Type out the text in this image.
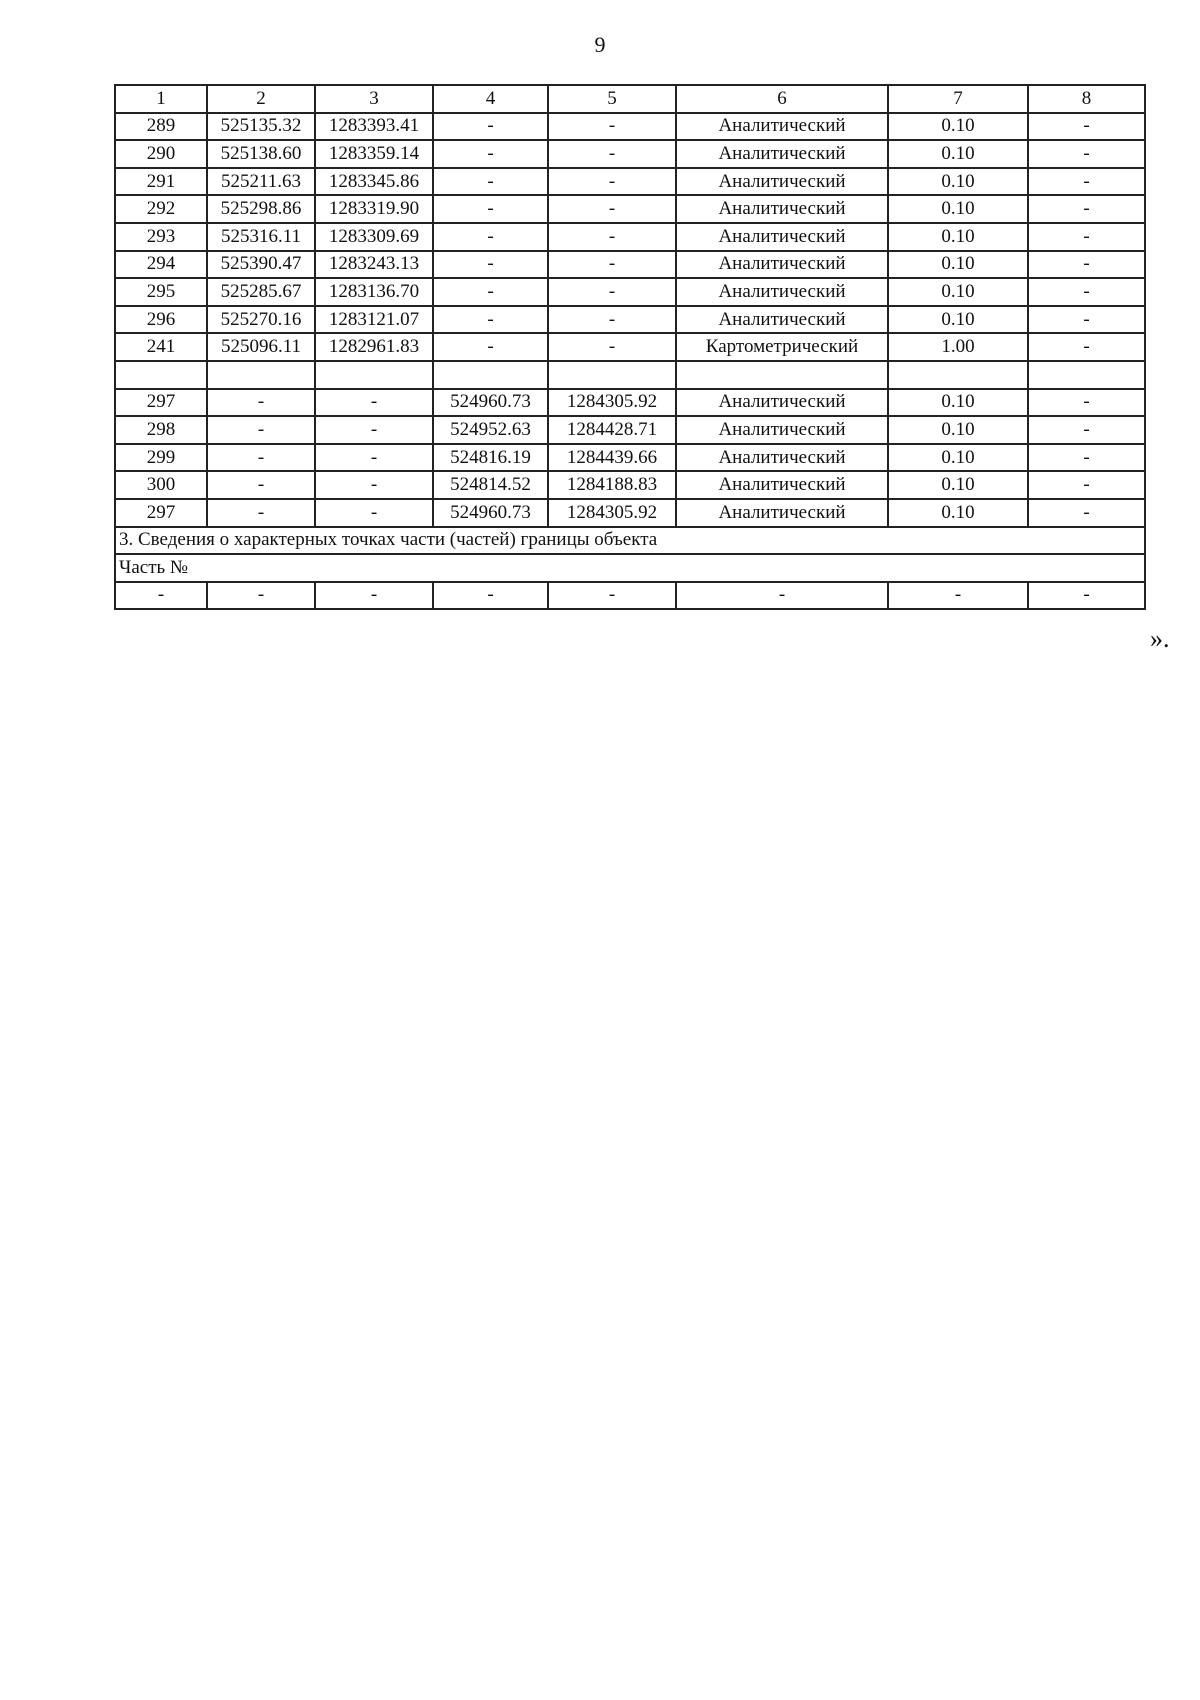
9
1	2	3	4	5	6	7	8
289	525135.32	1283393.41	-	-	Аналитический	0.10	-
290	525138.60	1283359.14	-	-	Аналитический	0.10	-
291	525211.63	1283345.86	-	-	Аналитический	0.10	-
292	525298.86	1283319.90	-	-	Аналитический	0.10	-
293	525316.11	1283309.69	-	-	Аналитический	0.10	-
294	525390.47	1283243.13	-	-	Аналитический	0.10	-
295	525285.67	1283136.70	-	-	Аналитический	0.10	-
296	525270.16	1283121.07	-	-	Аналитический	0.10	-
241	525096.11	1282961.83	-	-	Картометрический	1.00	-

297	-	-	524960.73	1284305.92	Аналитический	0.10	-
298	-	-	524952.63	1284428.71	Аналитический	0.10	-
299	-	-	524816.19	1284439.66	Аналитический	0.10	-
300	-	-	524814.52	1284188.83	Аналитический	0.10	-
297	-	-	524960.73	1284305.92	Аналитический	0.10	-
3. Сведения о характерных точках части (частей) границы объекта							
Часть №							
-	-	-	-	-	-	-	-
».
